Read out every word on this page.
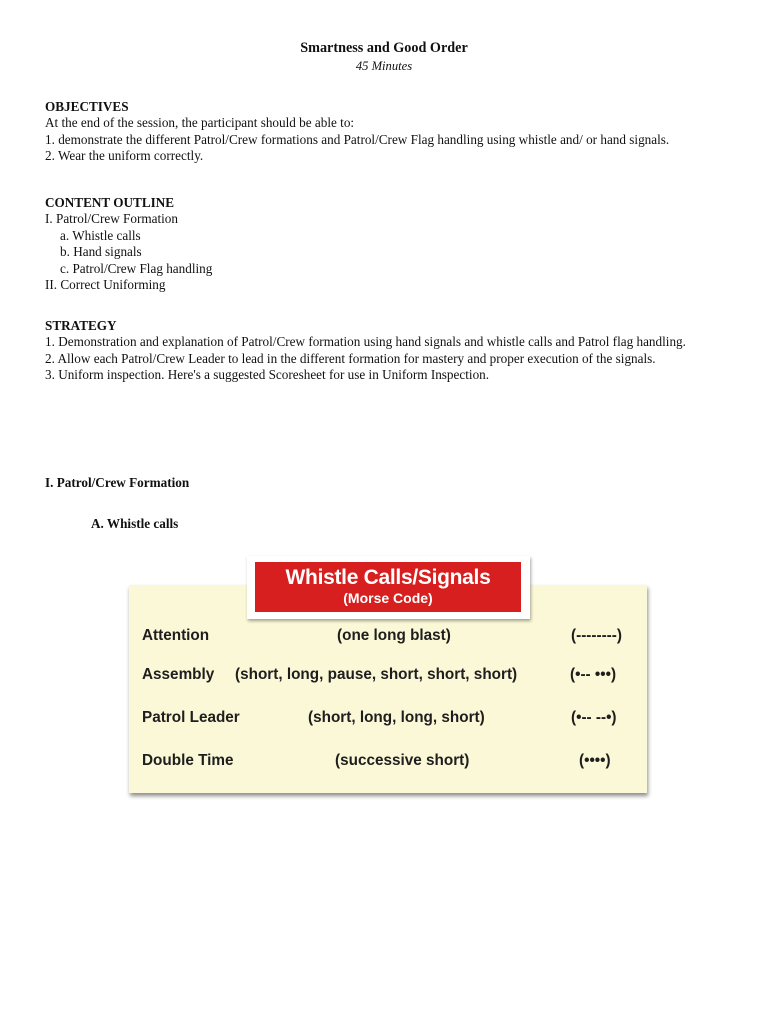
Smartness and Good Order
45 Minutes
OBJECTIVES
At the end of the session, the participant should be able to:
1. demonstrate the different Patrol/Crew formations and Patrol/Crew Flag handling using whistle and/ or hand signals.
2. Wear the uniform correctly.
CONTENT OUTLINE
I. Patrol/Crew Formation
a. Whistle calls
b. Hand signals
c. Patrol/Crew Flag handling
II. Correct Uniforming
STRATEGY
1. Demonstration and explanation of Patrol/Crew formation using hand signals and whistle calls and Patrol flag handling.
2. Allow each Patrol/Crew Leader to lead in the different formation for mastery and proper execution of the signals.
3. Uniform inspection. Here's a suggested Scoresheet for use in Uniform Inspection.
I. Patrol/Crew Formation
A. Whistle calls
Attention	(one long blast)	(--------)
Assembly (short, long, pause, short, short, short)	(•-- •••)
Patrol Leader	(short, long, long, short)	(•-- --•)
Double Time	(successive short)	(••••)
Whistle Calls/Signals
(Morse Code)
